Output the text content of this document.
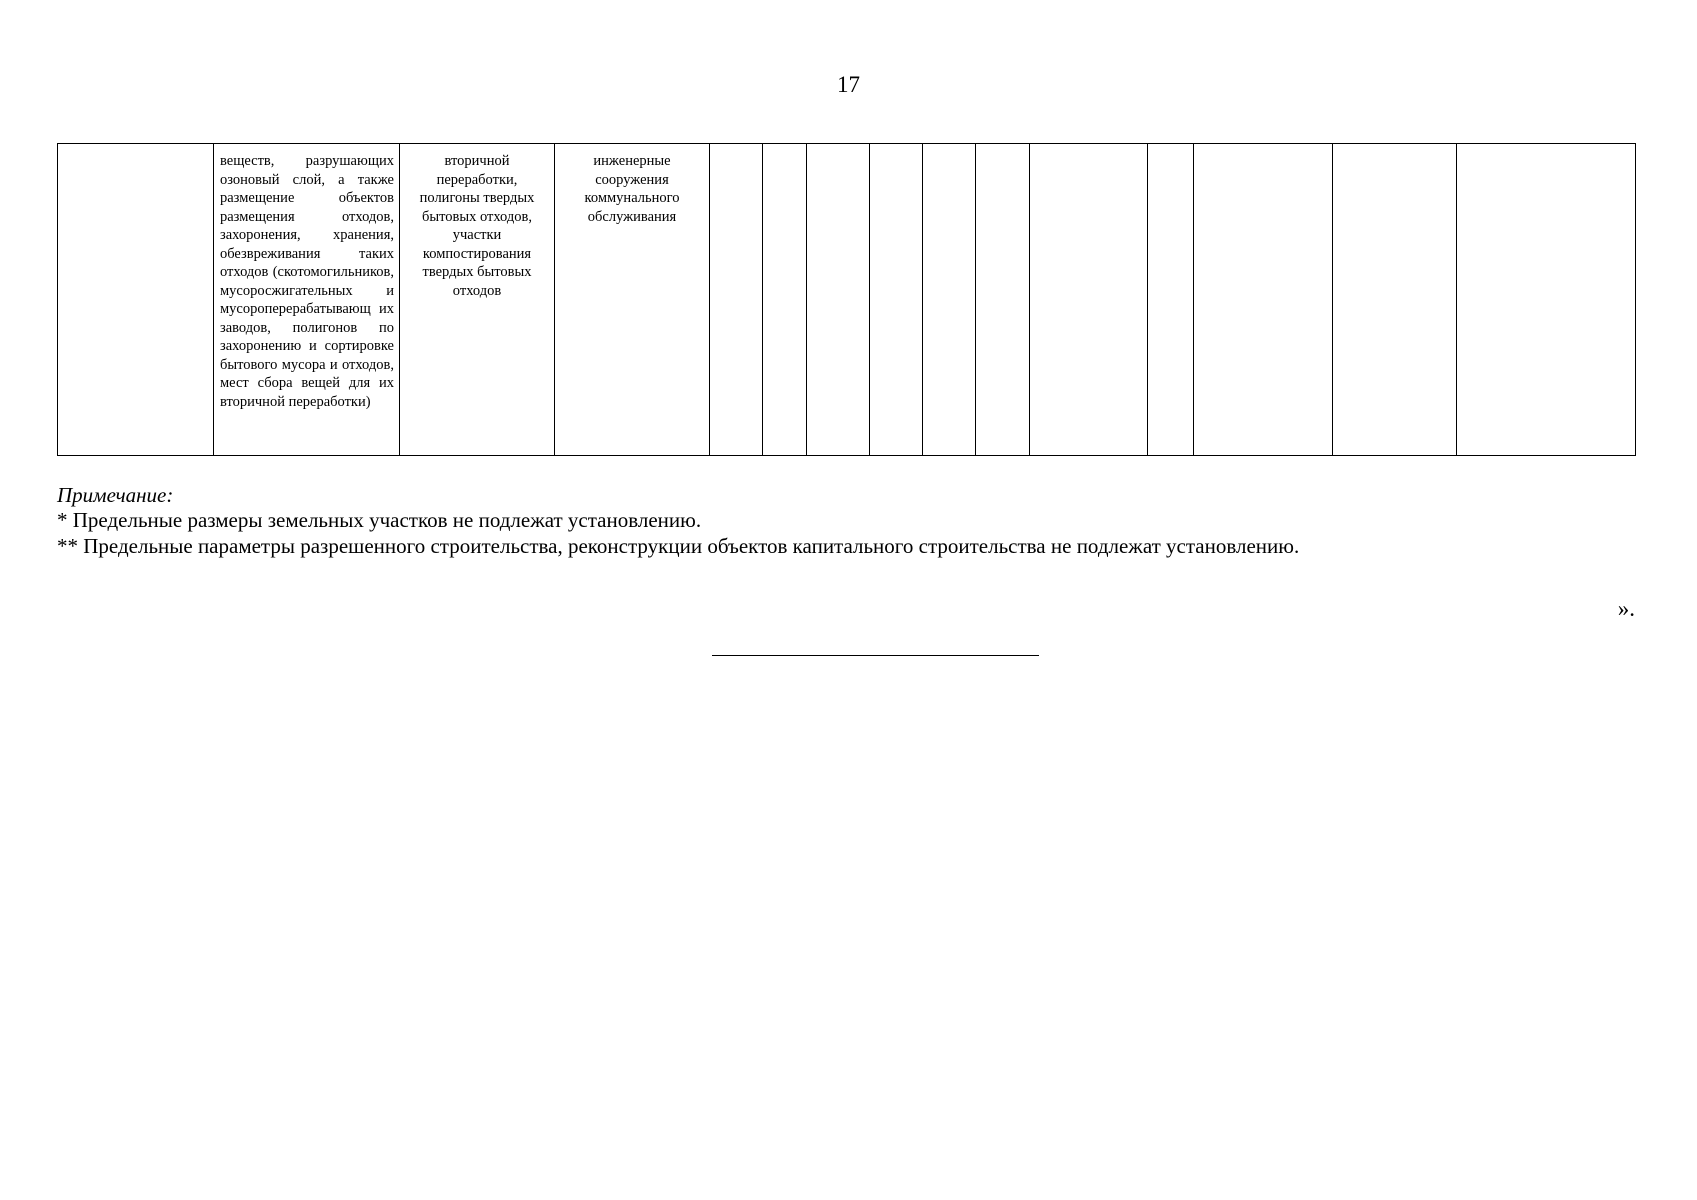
17
	веществ, разрушающих озоновый слой, а также размещение объектов размещения отходов, захоронения, хранения, обезвреживания таких отходов (скотомогильников, мусоросжигательных и мусороперерабатывающ их заводов, полигонов по захоронению и сортировке бытового мусора и отходов, мест сбора вещей для их вторичной переработки)	вторичной переработки, полигоны твердых бытовых отходов, участки компостирования твердых бытовых отходов	инженерные сооружения коммунального обслуживания											
Примечание:
* Предельные размеры земельных участков не подлежат установлению.
** Предельные параметры разрешенного строительства, реконструкции объектов капитального строительства не подлежат установлению.
».
